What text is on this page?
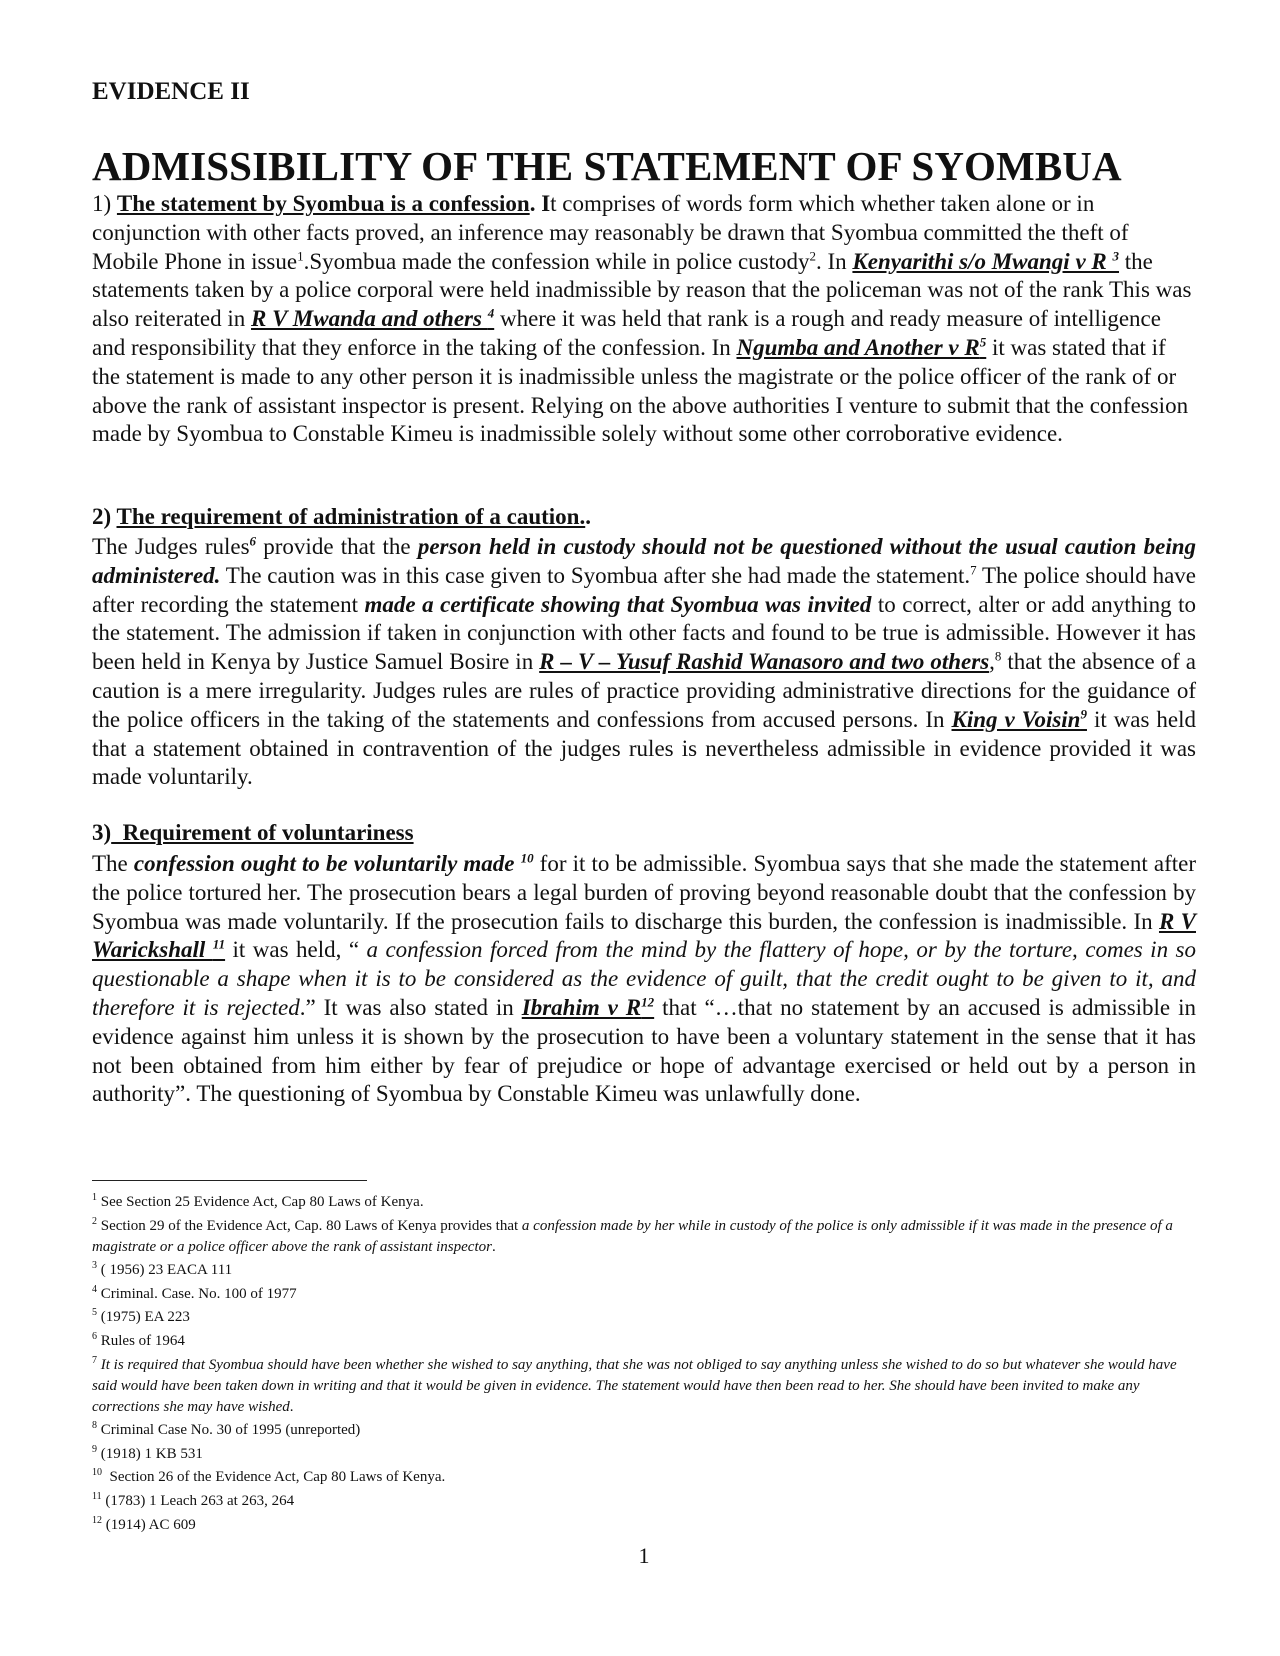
EVIDENCE II
ADMISSIBILITY OF THE STATEMENT OF SYOMBUA
1) The statement by Syombua is a confession. It comprises of words form which whether taken alone or in conjunction with other facts proved, an inference may reasonably be drawn that Syombua committed the theft of Mobile Phone in issue$^1$.Syombua made the confession while in police custody$^2$. In Kenyarithi s/o Mwangi v R $^3$ the statements taken by a police corporal were held inadmissible by reason that the policeman was not of the rank This was also reiterated in R V Mwanda and others $^4$ where it was held that rank is a rough and ready measure of intelligence and responsibility that they enforce in the taking of the confession. In Ngumba and Another v $R^5$ it was stated that if the statement is made to any other person it is inadmissible unless the magistrate or the police officer of the rank of or above the rank of assistant inspector is present. Relying on the above authorities I venture to submit that the confession made by Syombua to Constable Kimeu is inadmissible solely without some other corroborative evidence.
2) The requirement of administration of a caution..
The Judges rules$^6$ provide that the person held in custody should not be questioned without the usual caution being administered. The caution was in this case given to Syombua after she had made the statement.$^7$ The police should have after recording the statement made a certificate showing that Syombua was invited to correct, alter or add anything to the statement. The admission if taken in conjunction with other facts and found to be true is admissible. However it has been held in Kenya by Justice Samuel Bosire in R – V – Yusuf Rashid Wanasoro and two others,$^8$ that the absence of a caution is a mere irregularity. Judges rules are rules of practice providing administrative directions for the guidance of the police officers in the taking of the statements and confessions from accused persons. In King v Voisin$^9$ it was held that a statement obtained in contravention of the judges rules is nevertheless admissible in evidence provided it was made voluntarily.
3)  Requirement of voluntariness
The confession ought to be voluntarily made $^{10}$ for it to be admissible. Syombua says that she made the statement after the police tortured her. The prosecution bears a legal burden of proving beyond reasonable doubt that the confession by Syombua was made voluntarily. If the prosecution fails to discharge this burden, the confession is inadmissible. In R V Warickshall $^{11}$ it was held, “ a confession forced from the mind by the flattery of hope, or by the torture, comes in so questionable a shape when it is to be considered as the evidence of guilt, that the credit ought to be given to it, and therefore it is rejected.” It was also stated in Ibrahim v $R^{12}$ that “…that no statement by an accused is admissible in evidence against him unless it is shown by the prosecution to have been a voluntary statement in the sense that it has not been obtained from him either by fear of prejudice or hope of advantage exercised or held out by a person in authority”. The questioning of Syombua by Constable Kimeu was unlawfully done.
$^1$ See Section 25 Evidence Act, Cap 80 Laws of Kenya.
$^2$ Section 29 of the Evidence Act, Cap. 80 Laws of Kenya provides that a confession made by her while in custody of the police is only admissible if it was made in the presence of a magistrate or a police officer above the rank of assistant inspector.
$^3$ ( 1956) 23 EACA 111
$^4$ Criminal. Case. No. 100 of 1977
$^5$ (1975) EA 223
$^6$ Rules of 1964
$^7$ It is required that Syombua should have been whether she wished to say anything, that she was not obliged to say anything unless she wished to do so but whatever she would have said would have been taken down in writing and that it would be given in evidence. The statement would have then been read to her. She should have been invited to make any corrections she may have wished.
$^8$ Criminal Case No. 30 of 1995 (unreported)
$^9$ (1918) 1 KB 531
$^{10}$  Section 26 of the Evidence Act, Cap 80 Laws of Kenya.
$^{11}$ (1783) 1 Leach 263 at 263, 264
$^{12}$ (1914) AC 609
1
